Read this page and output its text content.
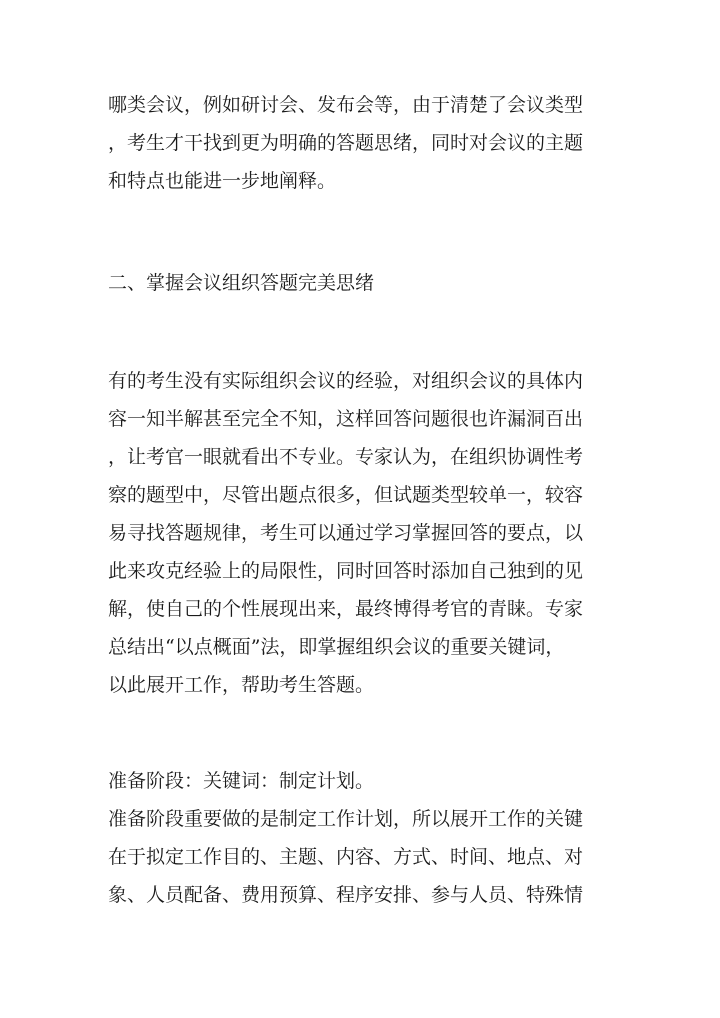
哪类会议，例如研讨会、发布会等，由于清楚了会议类型
，考生才干找到更为明确的答题思绪，同时对会议的主题
和特点也能进一步地阐释。
二、掌握会议组织答题完美思绪
有的考生没有实际组织会议的经验，对组织会议的具体内
容一知半解甚至完全不知，这样回答问题很也许漏洞百出
，让考官一眼就看出不专业。专家认为，在组织协调性考
察的题型中，尽管出题点很多，但试题类型较单一，较容
易寻找答题规律，考生可以通过学习掌握回答的要点，以
此来攻克经验上的局限性，同时回答时添加自己独到的见
解，使自己的个性展现出来，最终博得考官的青睐。专家
总结出“以点概面”法，即掌握组织会议的重要关键词，
以此展开工作，帮助考生答题。
准备阶段：关键词：制定计划。
准备阶段重要做的是制定工作计划，所以展开工作的关键
在于拟定工作目的、主题、内容、方式、时间、地点、对
象、人员配备、费用预算、程序安排、参与人员、特殊情
